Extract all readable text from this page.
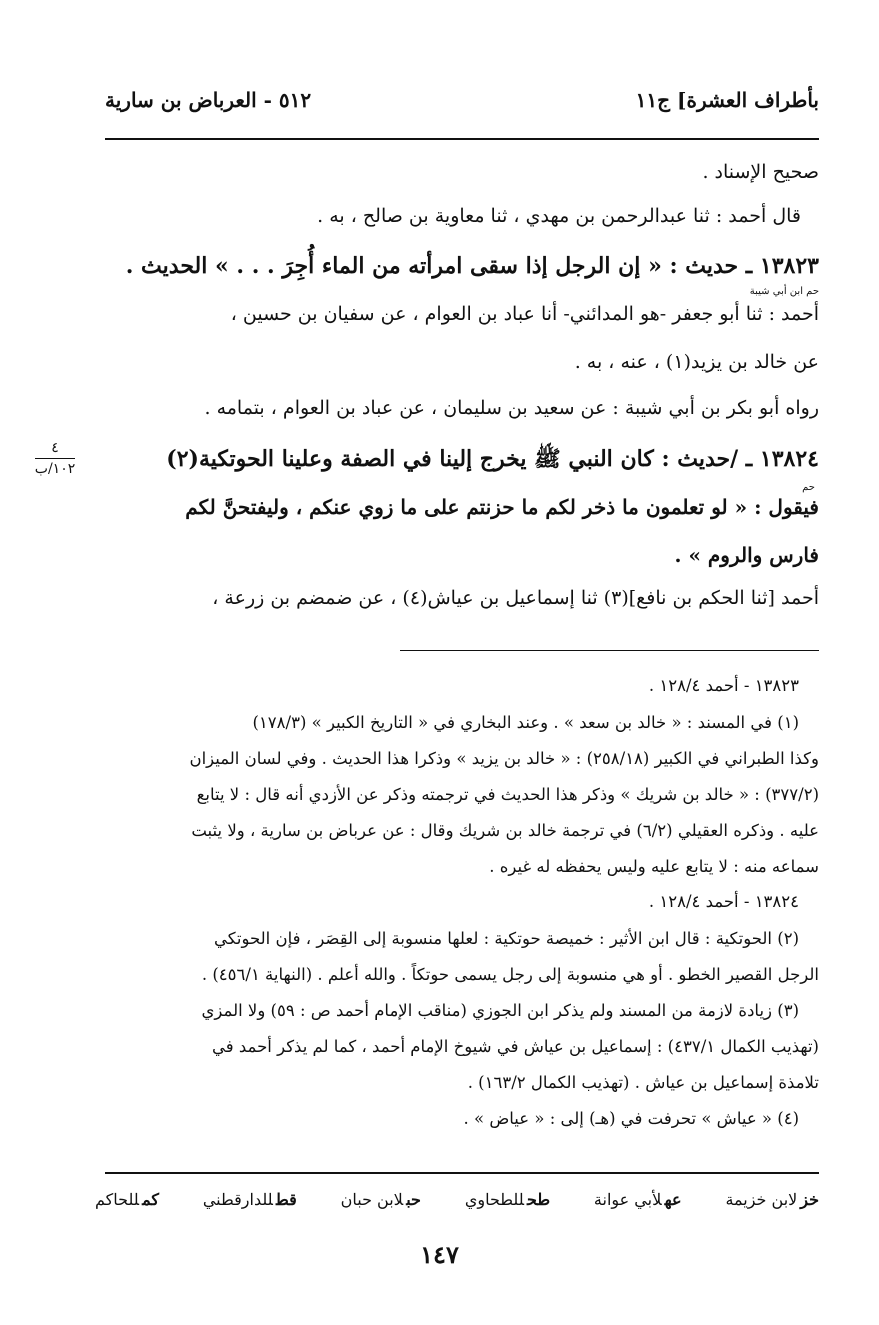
بأطراف العشرة] ج١١
٥١٢ - العرباض بن سارية
صحيح الإسناد .
قال أحمد : ثنا عبدالرحمن بن مهدي ، ثنا معاوية بن صالح ، به .
١٣٨٢٣ ـ حديث : « إن الرجل إذا سقى امرأته من الماء أُجِرَ . . . » الحديث .
حم ابن أبي شيبة
أحمد : ثنا أبو جعفر -هو المدائني- أنا عباد بن العوام ، عن سفيان بن حسين ،
عن خالد بن يزيد(١) ، عنه ، به .
رواه أبو بكر بن أبي شيبة : عن سعيد بن سليمان ، عن عباد بن العوام ، بتمامه .
١٣٨٢٤ ـ /حديث : كان النبي ﷺ يخرج إلينا في الصفة وعلينا الحوتكية(٢)
حم
فيقول : « لو تعلمون ما ذخر لكم ما حزنتم على ما زوي عنكم ، وليفتحنَّ لكم
فارس والروم » .
أحمد [ثنا الحكم بن نافع](٣) ثنا إسماعيل بن عياش(٤) ، عن ضمضم بن زرعة ،
٤
١٠٢/ب
١٣٨٢٣ - أحمد ١٢٨/٤ .
(١) في المسند : « خالد بن سعد » . وعند البخاري في « التاريخ الكبير » (١٧٨/٣)
وكذا الطبراني في الكبير (٢٥٨/١٨) : « خالد بن يزيد » وذكرا هذا الحديث . وفي لسان الميزان
(٣٧٧/٢) : « خالد بن شريك » وذكر هذا الحديث في ترجمته وذكر عن الأزدي أنه قال : لا يتابع
عليه . وذكره العقيلي (٦/٢) في ترجمة خالد بن شريك وقال : عن عرباض بن سارية ، ولا يثبت
سماعه منه : لا يتابع عليه وليس يحفظه له غيره .
١٣٨٢٤ - أحمد ١٢٨/٤ .
(٢) الحوتكية : قال ابن الأثير : خميصة حوتكية : لعلها منسوبة إلى القِصَر ، فإن الحوتكي
الرجل القصير الخطو . أو هي منسوبة إلى رجل يسمى حوتكاً . والله أعلم . (النهاية ٤٥٦/١) .
(٣) زيادة لازمة من المسند ولم يذكر ابن الجوزي (مناقب الإمام أحمد ص : ٥٩) ولا المزي
(تهذيب الكمال ٤٣٧/١) : إسماعيل بن عياش في شيوخ الإمام أحمد ، كما لم يذكر أحمد في
تلامذة إسماعيل بن عياش . (تهذيب الكمال ١٦٣/٢) .
(٤) « عياش » تحرفت في (هـ) إلى : « عياض » .
خزلابن خزيمة
عهلأبي عوانة
طحللطحاوي
حبلابن حبان
قطللدارقطني
كمللحاكم
١٤٧
